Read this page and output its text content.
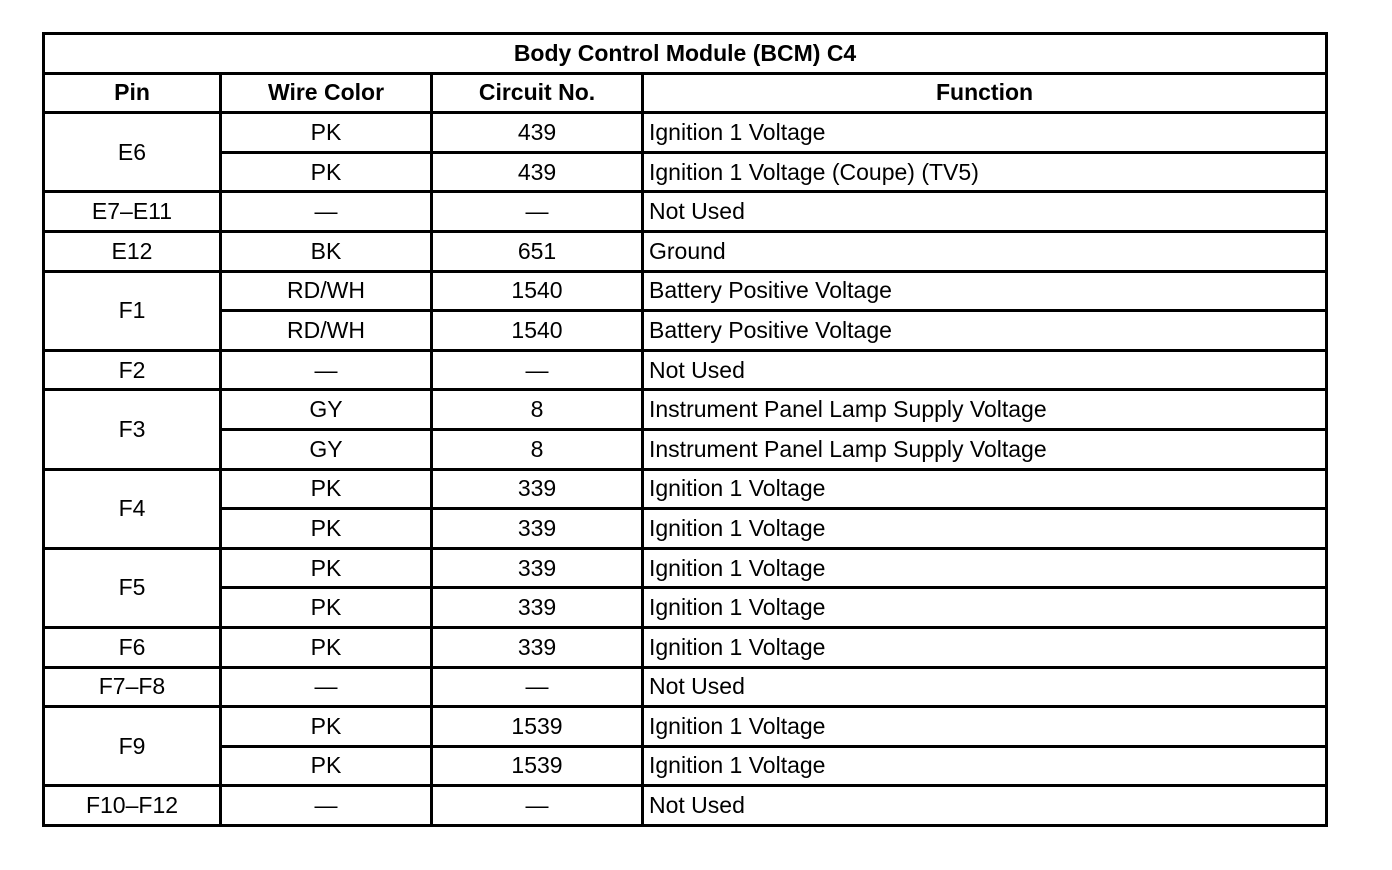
Body Control Module (BCM) C4			
Pin	Wire Color	Circuit No.	Function
E6	PK	439	Ignition 1 Voltage
	PK	439	Ignition 1 Voltage (Coupe) (TV5)
E7–E11	—	—	Not Used
E12	BK	651	Ground
F1	RD/WH	1540	Battery Positive Voltage
	RD/WH	1540	Battery Positive Voltage
F2	—	—	Not Used
F3	GY	8	Instrument Panel Lamp Supply Voltage
	GY	8	Instrument Panel Lamp Supply Voltage
F4	PK	339	Ignition 1 Voltage
	PK	339	Ignition 1 Voltage
F5	PK	339	Ignition 1 Voltage
	PK	339	Ignition 1 Voltage
F6	PK	339	Ignition 1 Voltage
F7–F8	—	—	Not Used
F9	PK	1539	Ignition 1 Voltage
	PK	1539	Ignition 1 Voltage
F10–F12	—	—	Not Used
